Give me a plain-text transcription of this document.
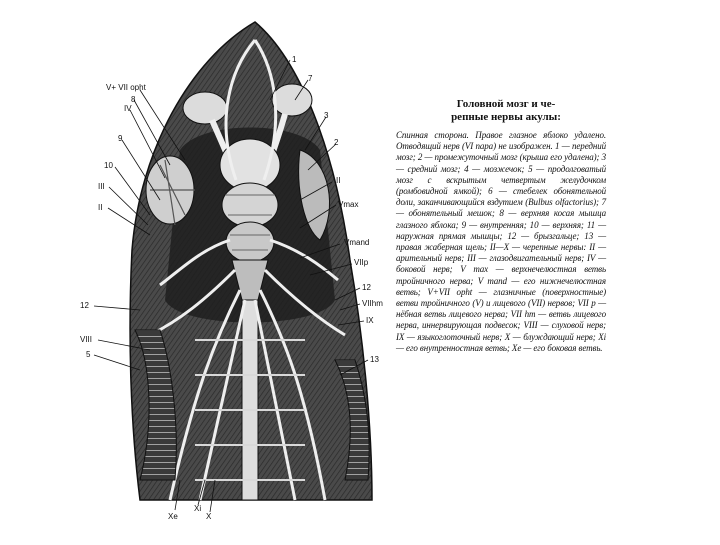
V+ VII opht
1
7
8
IV
3
9	2
10
II
III
Vmax
II
Vmand
VIIp
12
12	VIIhm
IX
VIII
5
13
Xe
Xi
X
Головной мозг и че-
репные нервы акулы:
Спинная сторона. Правое глазное яблоко удалено. Отводящий нерв (VI пара) не изображен. 1 — передний мозг; 2 — промежуточный мозг (крыша его удалена); 3 — средний мозг; 4 — мозжечок; 5 — продолговатый мозг с вскрытым четвертым желудочком (ромбовидной ямкой); 6 — стебелек обонятельной доли, заканчивающийся вздутием (Bulbus olfactorius); 7 — обонятельный мешок; 8 — верхняя косая мышца глазного яблока; 9 — внутренняя; 10 — верхняя; 11 — наружная прямая мышцы; 12 — брызгальце; 13 — правая жаберная щель; II—X — черепные нервы: II — арительный нерв; III — глазодвигательный нерв; IV — боковой нерв; V max — верхнечелюстная ветвь тройничного нерва; V mand — его нижнечелюстная ветвь; V+VII opht — глазничные (поверхностные) ветви тройничного (V) и лицевого (VII) нервов; VII p — нёбная ветвь лицевого нерва; VII hm — ветвь лицевого нерва, иннервирующая подвесок; VIII — слуховой нерв; IX — языкоглоточный нерв; X — блуждающий нерв; Xi — его внутренностная ветвь; Xe — его боковая ветвь.
